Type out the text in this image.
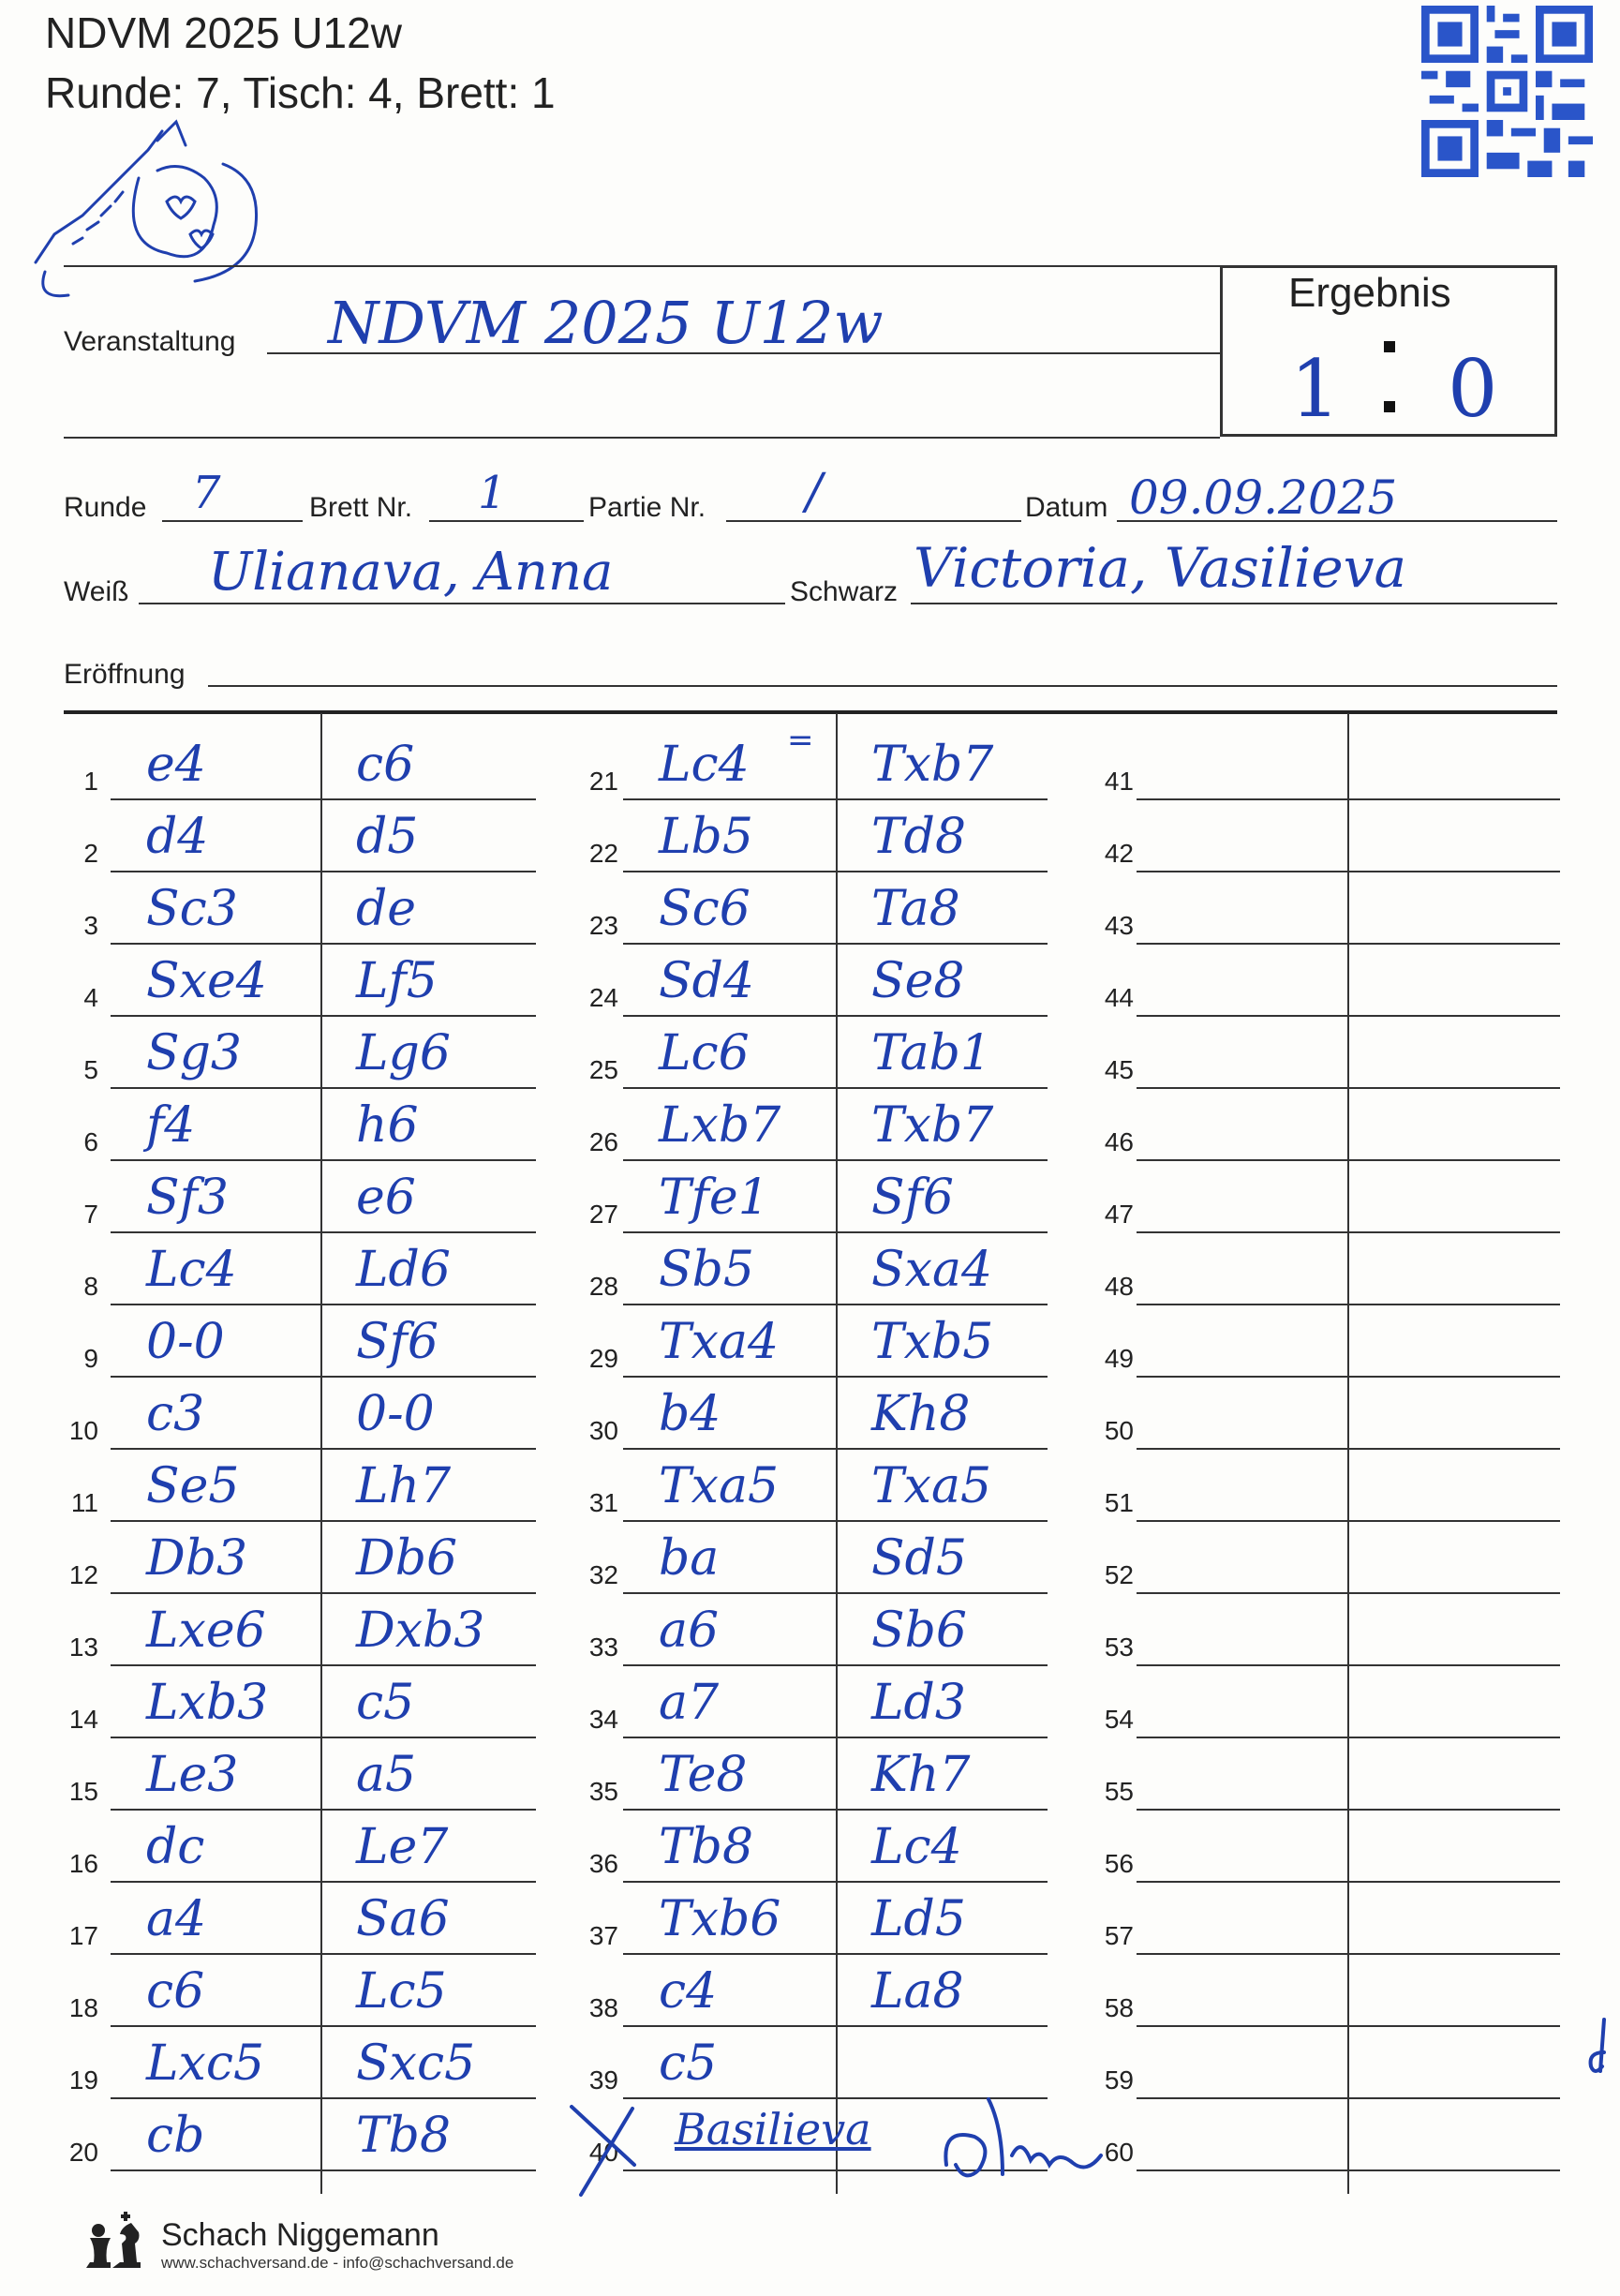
NDVM 2025 U12w
Runde: 7, Tisch: 4, Brett: 1
Veranstaltung NDVM 2025 U12w	Ergebnis
1 0
Runde 7	Brett Nr. 1	Partie Nr. /	Datum 09.09.2025
Weiß Ulianava, Anna	Schwarz Victoria, Vasilieva
Eröffnung
1 e4	c6
2 d4	d5
3 Sc3 de
4 Sxe4 Lf5
5 Sg3 Lg6
6 f4	h6
7 Sf3	e6
8 Lc4 Ld6
9 0-0	Sf6
10 c3	0-0
11 Se5 Lh7
12 Db3 Db6
13 Lxe6 Dxb3
14 Lxb3 c5
15 Le3 a5
16 dc	Le7
17 a4	Sa6
18 c6	Lc5
19 Lxc5 Sxc5
20 cb	Tb8
21 Lc4	Txb7
22 Lb5 Td8
23 Sc6 Ta8
24 Sd4 Se8
25 Lc6	Tab1
26 Lxb7 Txb7
27 Tfe1 Sf6
28 Sb5 Sxa4
29 Txa4 Txb5
30 b4	Kh8
31 Txa5 Txa5
32 ba	Sd5
33 a6	Sb6
34 a7	Ld3
35 Te8	Kh7
36 Tb8 Lc4
37 Txb6 Ld5
38 c4	La8
39 c5
40
41
42
43
44
45
46
47
48
49
50
51
52
53
54
55
56
57
58
59
60
=
Basilieva
Schach Niggemann
www.schachversand.de - info@schachversand.de
